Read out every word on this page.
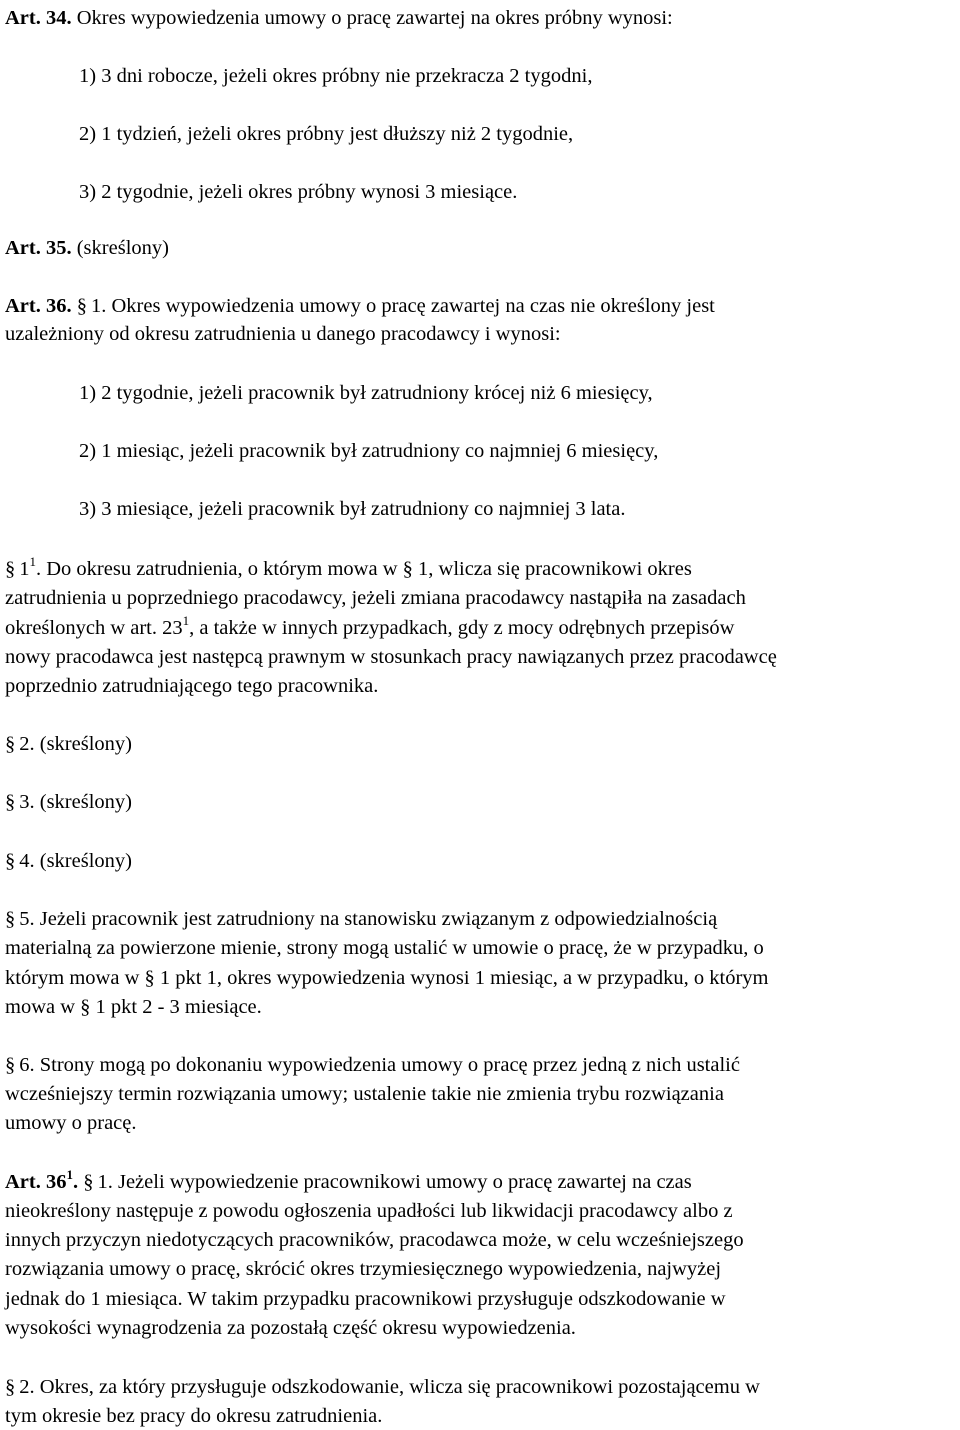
Art. 34. Okres wypowiedzenia umowy o pracę zawartej na okres próbny wynosi:
1) 3 dni robocze, jeżeli okres próbny nie przekracza 2 tygodni,
2) 1 tydzień, jeżeli okres próbny jest dłuższy niż 2 tygodnie,
3) 2 tygodnie, jeżeli okres próbny wynosi 3 miesiące.
Art. 35. (skreślony)
Art. 36. § 1. Okres wypowiedzenia umowy o pracę zawartej na czas nie określony jest
uzależniony od okresu zatrudnienia u danego pracodawcy i wynosi:
1) 2 tygodnie, jeżeli pracownik był zatrudniony krócej niż 6 miesięcy,
2) 1 miesiąc, jeżeli pracownik był zatrudniony co najmniej 6 miesięcy,
3) 3 miesiące, jeżeli pracownik był zatrudniony co najmniej 3 lata.
§ $1^1$. Do okresu zatrudnienia, o którym mowa w § 1, wlicza się pracownikowi okres
zatrudnienia u poprzedniego pracodawcy, jeżeli zmiana pracodawcy nastąpiła na zasadach
określonych w art. $23^1$, a także w innych przypadkach, gdy z mocy odrębnych przepisów
nowy pracodawca jest następcą prawnym w stosunkach pracy nawiązanych przez pracodawcę
poprzednio zatrudniającego tego pracownika.
§ 2. (skreślony)
§ 3. (skreślony)
§ 4. (skreślony)
§ 5. Jeżeli pracownik jest zatrudniony na stanowisku związanym z odpowiedzialnością
materialną za powierzone mienie, strony mogą ustalić w umowie o pracę, że w przypadku, o
którym mowa w § 1 pkt 1, okres wypowiedzenia wynosi 1 miesiąc, a w przypadku, o którym
mowa w § 1 pkt 2 - 3 miesiące.
§ 6. Strony mogą po dokonaniu wypowiedzenia umowy o pracę przez jedną z nich ustalić
wcześniejszy termin rozwiązania umowy; ustalenie takie nie zmienia trybu rozwiązania
umowy o pracę.
Art. $36^1$. § 1. Jeżeli wypowiedzenie pracownikowi umowy o pracę zawartej na czas
nieokreślony następuje z powodu ogłoszenia upadłości lub likwidacji pracodawcy albo z
innych przyczyn niedotyczących pracowników, pracodawca może, w celu wcześniejszego
rozwiązania umowy o pracę, skrócić okres trzymiesięcznego wypowiedzenia, najwyżej
jednak do 1 miesiąca. W takim przypadku pracownikowi przysługuje odszkodowanie w
wysokości wynagrodzenia za pozostałą część okresu wypowiedzenia.
§ 2. Okres, za który przysługuje odszkodowanie, wlicza się pracownikowi pozostającemu w
tym okresie bez pracy do okresu zatrudnienia.
